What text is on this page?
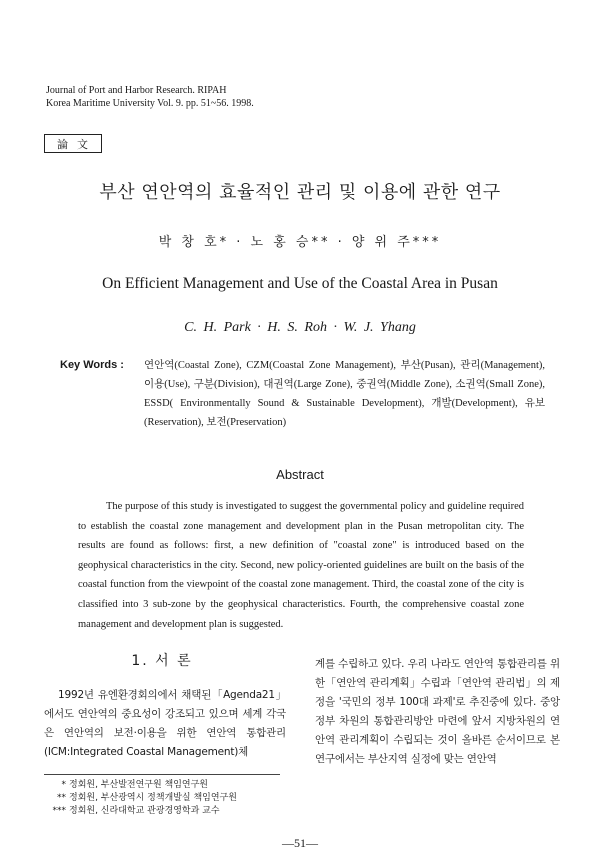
Journal of Port and Harbor Research. RIPAH
Korea Maritime University Vol. 9. pp. 51~56. 1998.
論文
부산 연안역의 효율적인 관리 및 이용에 관한 연구
박 창 호* · 노 홍 승** · 양 위 주***
On Efficient Management and Use of the Coastal Area in Pusan
C. H. Park · H. S. Roh · W. J. Yhang
Key Words : 연안역(Coastal Zone), CZM(Coastal Zone Management), 부산(Pusan), 관리(Management), 이용(Use), 구분(Division), 대권역(Large Zone), 중권역(Middle Zone), 소권역(Small Zone), ESSD( Environmentally Sound & Sustainable Development), 개발(Development), 유보(Reservation), 보전(Preservation)
Abstract
The purpose of this study is investigated to suggest the governmental policy and guideline required to establish the coastal zone management and development plan in the Pusan metropolitan city. The results are found as follows: first, a new definition of "coastal zone" is introduced based on the geophysical characteristics in the city. Second, new policy-oriented guidelines are built on the basis of the coastal function from the viewpoint of the coastal zone management. Third, the coastal zone of the city is classified into 3 sub-zone by the geophysical characteristics. Fourth, the comprehensive coastal zone management and development plan is suggested.
1. 서 론
1992년 유엔환경회의에서 채택된「Agenda21」에서도 연안역의 중요성이 강조되고 있으며 세계 각국은 연안역의 보전·이용을 위한 연안역 통합관리(ICM:Integrated Coastal Management)체
계를 수립하고 있다. 우리 나라도 연안역 통합관리를 위한「연안역 관리계획」수립과「연안역 관리법」의 제정을 '국민의 정부 100대 과제'로 추진중에 있다. 중앙정부 차원의 통합관리방안 마련에 앞서 지방차원의 연안역 관리계획이 수립되는 것이 올바른 순서이므로 본 연구에서는 부산지역 실정에 맞는 연안역
* 정회원, 부산발전연구원 책임연구원
** 정회원, 부산광역시 정책개발실 책임연구원
*** 정회원, 신라대학교 관광경영학과 교수
—51—
